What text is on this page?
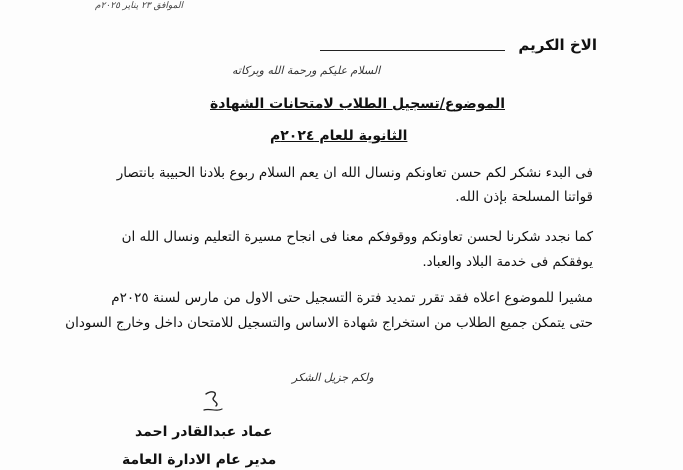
الموافق ٢٣ يناير ٢٠٢٥م
الاخ الكريم
السلام عليكم ورحمة الله وبركاته
الموضوع/تسجيل الطلاب لامتحانات الشهادة
الثانوية للعام ٢٠٢٤م
فى البدء نشكر لكم حسن تعاونكم ونسال الله ان يعم السلام ربوع بلادنا الحبيبة بانتصار
قواتنا المسلحة بإذن الله.
كما نجدد شكرنا لحسن تعاونكم ووقوفكم معنا فى انجاح مسيرة التعليم ونسال الله ان
يوفقكم فى خدمة البلاد والعباد.
مشيرا للموضوع اعلاه فقد تقرر تمديد فترة التسجيل حتى الاول من مارس لسنة ٢٠٢٥م
حتى يتمكن جميع الطلاب من استخراج شهادة الاساس والتسجيل للامتحان داخل وخارج السودان
ولكم جزيل الشكر
عماد عبدالقادر احمد
مدير عام الادارة العامة
